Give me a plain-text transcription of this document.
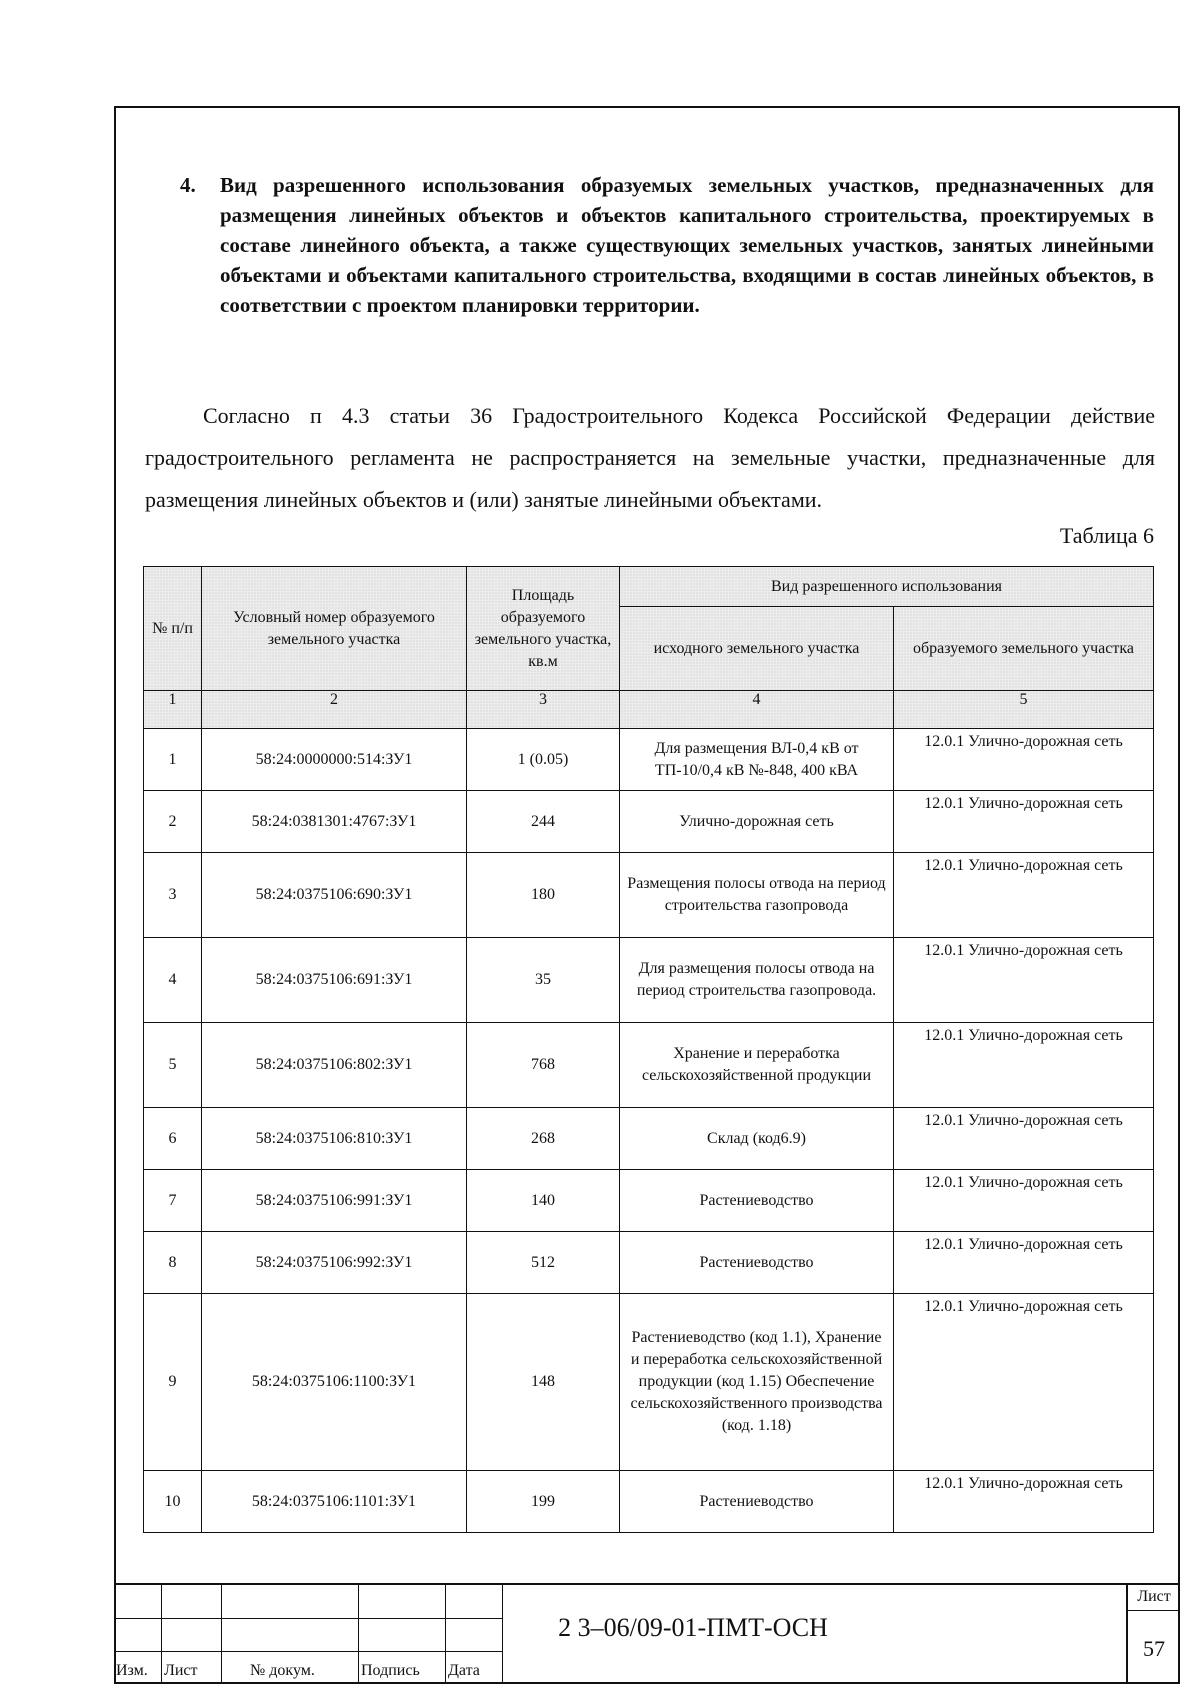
4.	Вид разрешенного использования образуемых земельных участков, предназначенных для размещения линейных объектов и объектов капитального строительства, проектируемых в составе линейного объекта, а также существующих земельных участков, занятых линейными объектами и объектами капитального строительства, входящими в состав линейных объектов, в соответствии с проектом планировки территории.
Согласно п 4.3 статьи 36 Градостроительного Кодекса Российской Федерации действие градостроительного регламента не распространяется на земельные участки, предназначенные для размещения линейных объектов и (или) занятые линейными объектами.
Таблица 6
№ п/п	Условный номер образуемого земельного участка	Площадь образуемого земельного участка, кв.м	Вид разрешенного использования	
			исходного земельного участка	образуемого земельного участка
1	2	3	4	5
1	58:24:0000000:514:ЗУ1	1 (0.05)	Для размещения ВЛ-0,4 кВ от ТП-10/0,4 кВ №-848, 400 кВА	12.0.1 Улично-дорожная сеть
2	58:24:0381301:4767:ЗУ1	244	Улично-дорожная сеть	12.0.1 Улично-дорожная сеть
3	58:24:0375106:690:ЗУ1	180	Размещения полосы отвода на период строительства газопровода	12.0.1 Улично-дорожная сеть
4	58:24:0375106:691:ЗУ1	35	Для размещения полосы отвода на период строительства газопровода.	12.0.1 Улично-дорожная сеть
5	58:24:0375106:802:ЗУ1	768	Хранение и переработка сельскохозяйственной продукции	12.0.1 Улично-дорожная сеть
6	58:24:0375106:810:ЗУ1	268	Склад (код6.9)	12.0.1 Улично-дорожная сеть
7	58:24:0375106:991:ЗУ1	140	Растениеводство	12.0.1 Улично-дорожная сеть
8	58:24:0375106:992:ЗУ1	512	Растениеводство	12.0.1 Улично-дорожная сеть
9	58:24:0375106:1100:ЗУ1	148	Растениеводство (код 1.1), Хранение и переработка сельскохозяйственной продукции (код 1.15) Обеспечение сельскохозяйственного производства (код. 1.18)	12.0.1 Улично-дорожная сеть
10	58:24:0375106:1101:ЗУ1	199	Растениеводство	12.0.1 Улично-дорожная сеть
Изм. Лист	№ докум.	Подпись Дата
2 3–06/09-01-ПМТ-ОСН
Лист
57
